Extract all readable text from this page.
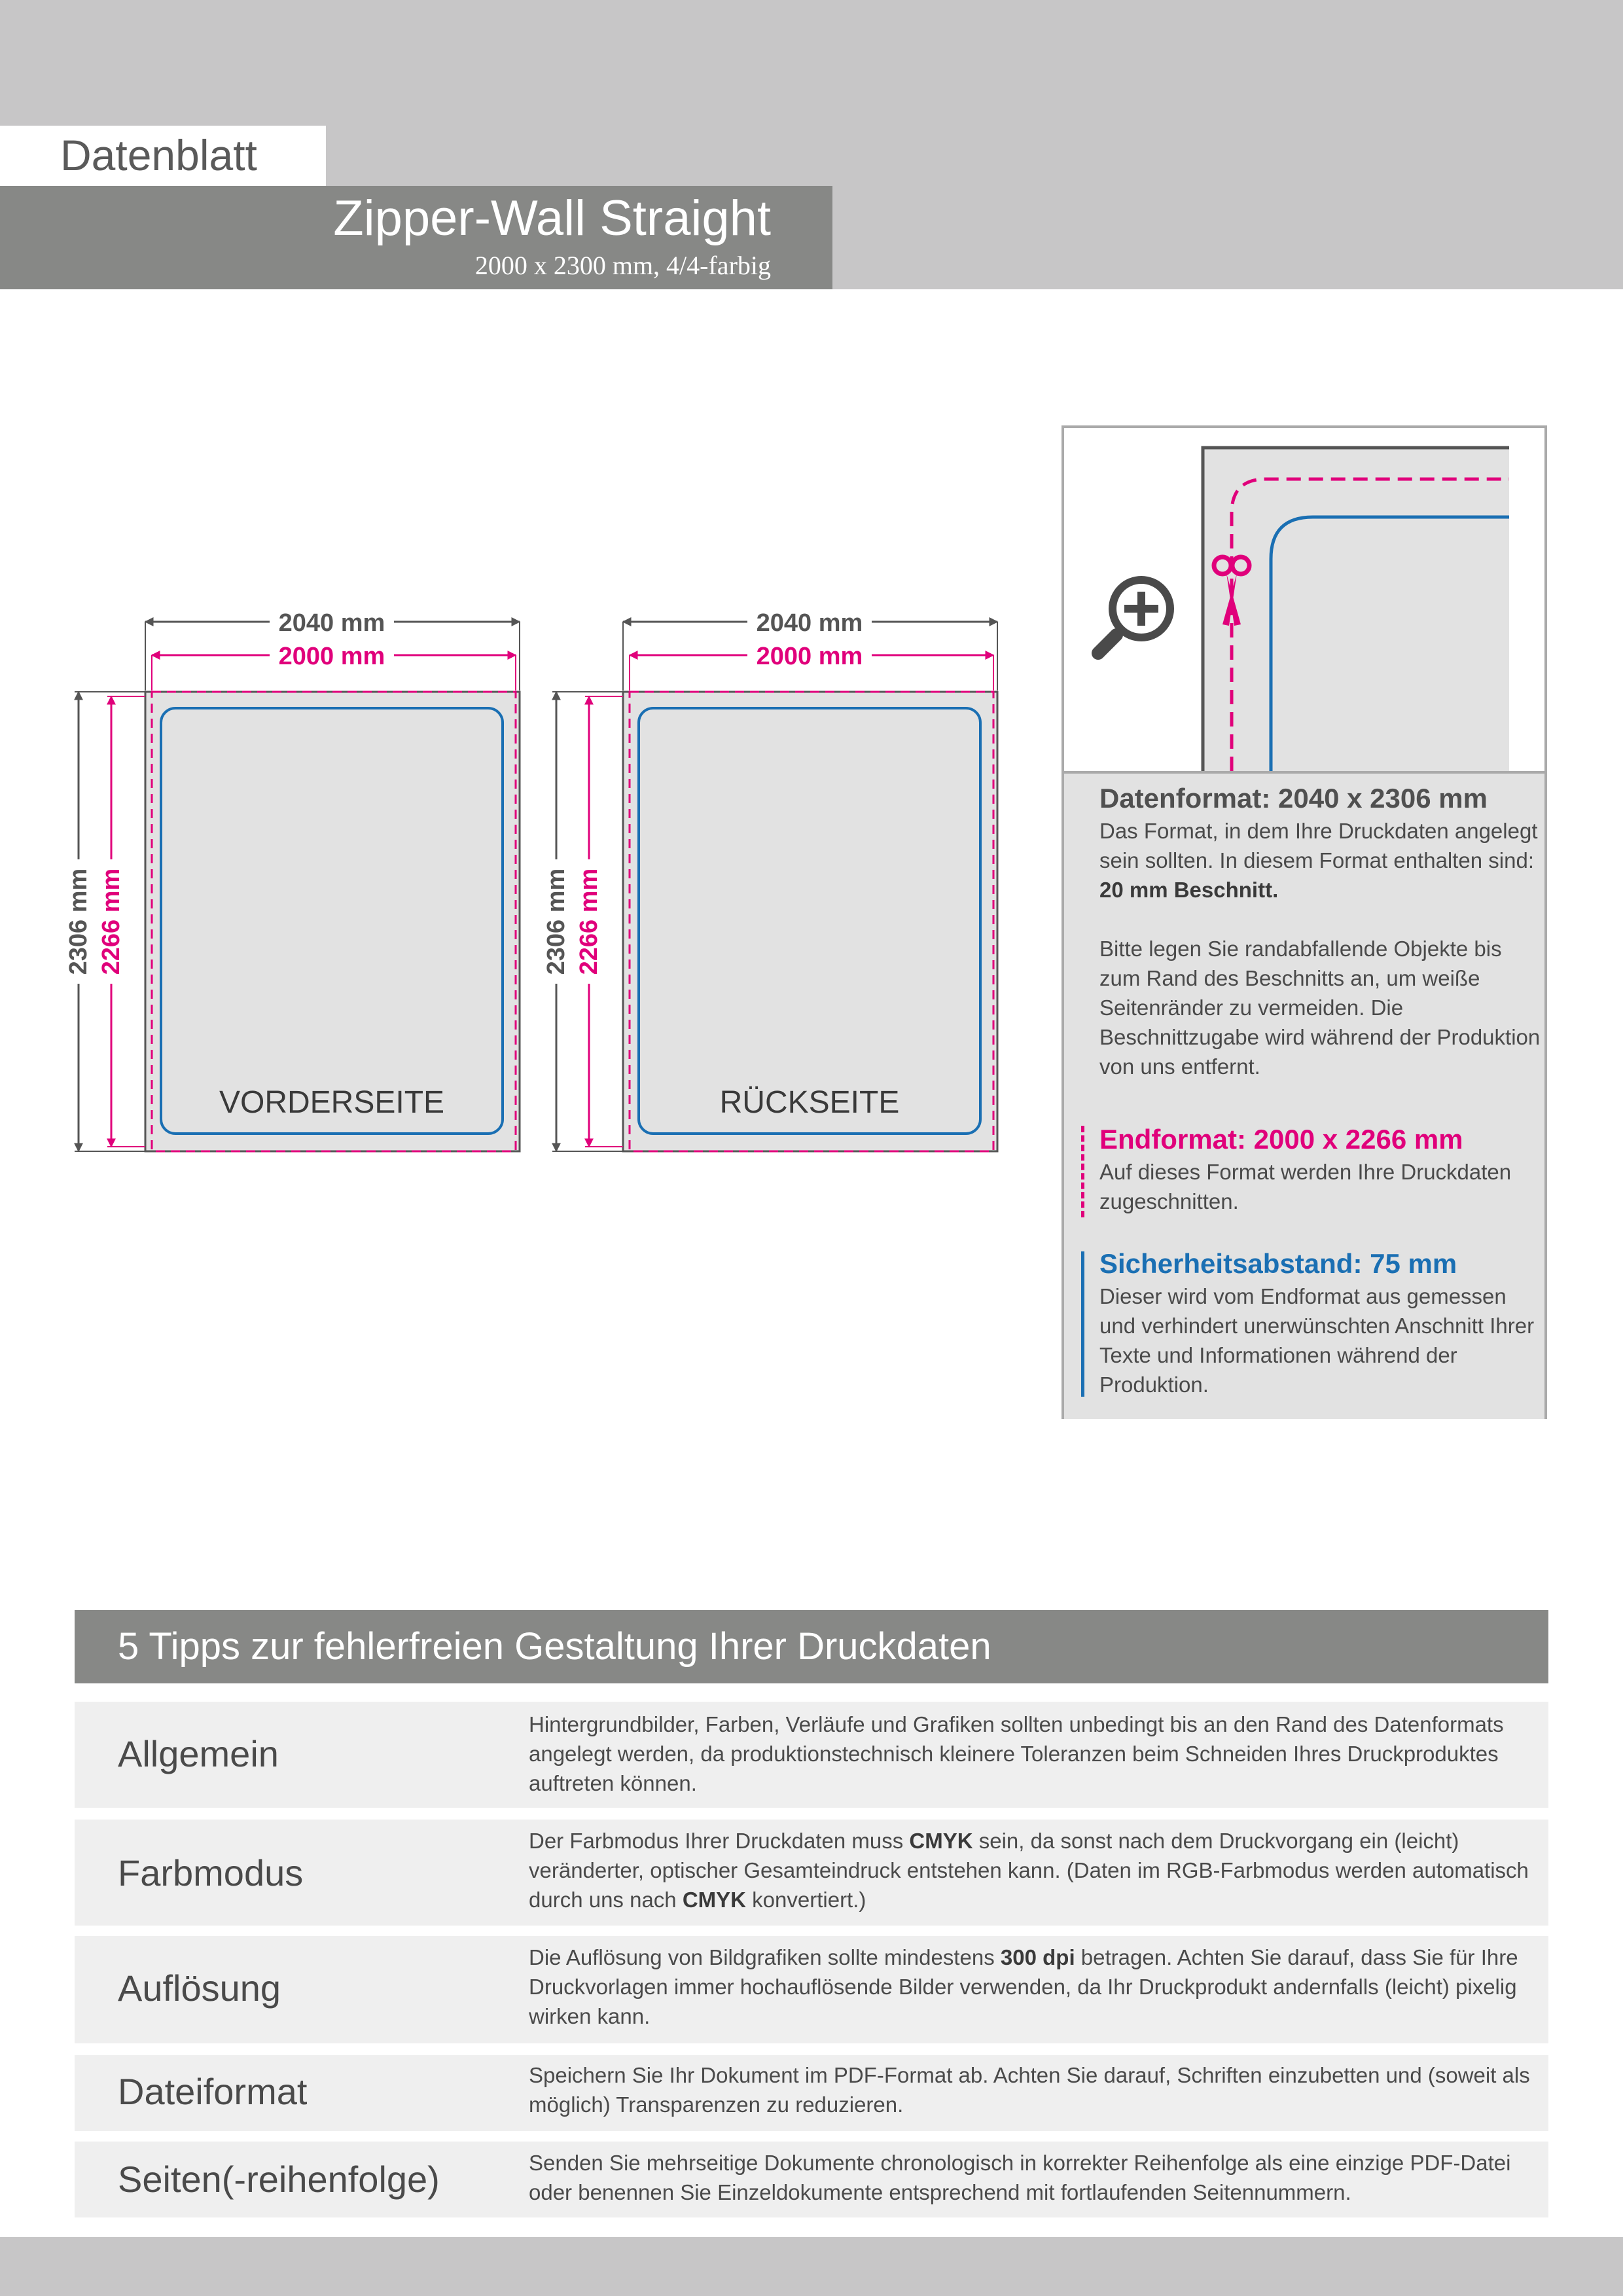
Datenblatt
Zipper-Wall Straight
2000 x 2300 mm, 4/4-farbig
2040 mm
2000 mm
2306 mm 2266 mm
VORDERSEITE
2040 mm
2000 mm
2306 mm 2266 mm
RÜCKSEITE
Datenformat: 2040 x 2306 mm
Das Format, in dem Ihre Druckdaten angelegt sein sollten. In diesem Format enthalten sind: 20 mm Beschnitt.
Bitte legen Sie randabfallende Objekte bis zum Rand des Beschnitts an, um weiße Seitenränder zu vermeiden. Die Beschnittzugabe wird während der Produktion von uns entfernt.
Endformat: 2000 x 2266 mm
Auf dieses Format werden Ihre Druckdaten zugeschnitten.
Sicherheitsabstand: 75 mm
Dieser wird vom Endformat aus gemessen und verhindert unerwünschten Anschnitt Ihrer Texte und Informationen während der Produktion.
5 Tipps zur fehlerfreien Gestaltung Ihrer Druckdaten
Allgemein
Hintergrundbilder, Farben, Verläufe und Grafiken sollten unbedingt bis an den Rand des Datenformats angelegt werden, da produktionstechnisch kleinere Toleranzen beim Schneiden Ihres Druckproduktes auftreten können.
Farbmodus
Der Farbmodus Ihrer Druckdaten muss CMYK sein, da sonst nach dem Druckvorgang ein (leicht) veränderter, optischer Gesamteindruck entstehen kann. (Daten im RGB-Farbmodus werden automatisch durch uns nach CMYK konvertiert.)
Auflösung
Die Auflösung von Bildgrafiken sollte mindestens 300 dpi betragen. Achten Sie darauf, dass Sie für Ihre Druckvorlagen immer hochauflösende Bilder verwenden, da Ihr Druckprodukt andernfalls (leicht) pixelig wirken kann.
Dateiformat	Speichern Sie Ihr Dokument im PDF-Format ab. Achten Sie darauf, Schriften einzubetten und (soweit als möglich) Transparenzen zu reduzieren.
Seiten(-reihenfolge)	Senden Sie mehrseitige Dokumente chronologisch in korrekter Reihenfolge als eine einzige PDF-Datei oder benennen Sie Einzeldokumente entsprechend mit fortlaufenden Seitennummern.
